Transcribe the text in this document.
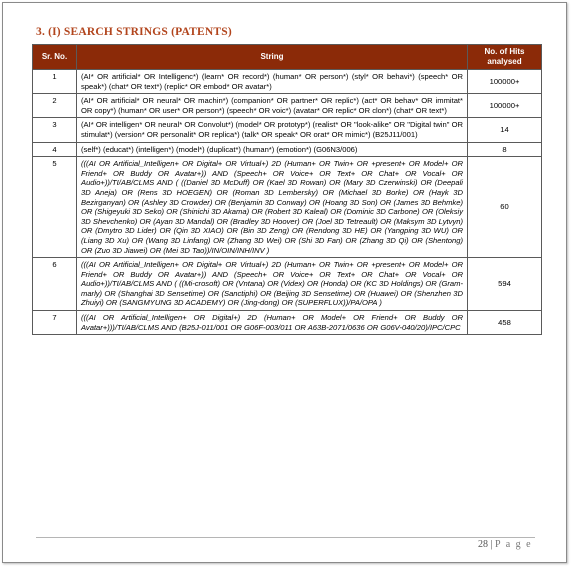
3. (I) SEARCH STRINGS (PATENTS)
Sr. No.	String	No. of Hits analysed
1	(AI* OR artificial* OR Intelligenc*) (learn* OR record*) (human* OR person*) (styl* OR behavi*) (speech* OR speak*) (chat* OR text*) (replic* OR embod* OR avatar*)	100000+
2	(AI* OR artificial* OR neural* OR machin*) (companion* OR partner* OR replic*) (act* OR behav* OR immitat* OR copy*) (human* OR user* OR person*) (speech* OR voic*) (avatar* OR replic* OR clon*) (chat* OR text*)	100000+
3	(AI* OR intelligen* OR neural* OR Convolut*) (model* OR prototyp*) (realist* OR "look-alike" OR "Digital twin" OR stimulat*) (version* OR personalit* OR replica*) (talk* OR speak* OR orat* OR mimic*) (B25J11/001)	14
4	(self*) (educat*) (intelligen*) (model*) (duplicat*) (human*) (emotion*) (G06N3/006)	8
5	(((AI OR Artificial_Intelligen+ OR Digital+ OR Virtual+) 2D (Human+ OR Twin+ OR +present+ OR Model+ OR Friend+ OR Buddy OR Avatar+)) AND (Speech+ OR Voice+ OR Text+ OR Chat+ OR Vocal+ OR Audio+))/TI/AB/CLMS AND ( ((Daniel 3D McDuff) OR (Kael 3D Rowan) OR (Mary 3D Czerwinski) OR (Deepali 3D Aneja) OR (Rens 3D HOEGEN) OR (Roman 3D Lembersky) OR (Michael 3D Borke) OR (Hayk 3D Bezirganyan) OR (Ashley 3D Crowder) OR (Benjamin 3D Conway) OR (Hoang 3D Son) OR (James 3D Behmke) OR (Shigeyuki 3D Seko) OR (Shinichi 3D Akama) OR (Robert 3D Kaleal) OR (Dominic 3D Carbone) OR (Oleksiy 3D Shevchenko) OR (Ayan 3D Mandal) OR (Bradley 3D Hoover) OR (Joel 3D Tetreault) OR (Maksym 3D Lytvyn) OR (Dmytro 3D Lider) OR (Qin 3D XIAO) OR (Bin 3D Zeng) OR (Rendong 3D HE) OR (Yangping 3D WU) OR (Liang 3D Xu) OR (Wang 3D Linfang) OR (Zhang 3D Wei) OR (Shi 3D Fan) OR (Zhang 3D Qi) OR (Shentong) OR (Zuo 3D Jiawei) OR (Mei 3D Tao))/IN/OIN/INH/INV )	60
6	(((AI OR Artificial_Intelligen+ OR Digital+ OR Virtual+) 2D (Human+ OR Twin+ OR +present+ OR Model+ OR Friend+ OR Buddy OR Avatar+)) AND (Speech+ OR Voice+ OR Text+ OR Chat+ OR Vocal+ OR Audio+))/TI/AB/CLMS AND ( ((Mi-crosoft) OR (Vntana) OR (Videx) OR (Honda) OR (KC 3D Holdings) OR (Gram-marly) OR (Shanghai 3D Sensetime) OR (Sanctiphi) OR (Beijing 3D Sensetime) OR (Huawei) OR (Shenzhen 3D Zhuiyi) OR (SANGMYUNG 3D ACADEMY) OR (Jing-dong) OR (SUPERFLUX))/PA/OPA )	594
7	(((AI OR Artificial_Intelligen+ OR Digital+) 2D (Human+ OR Model+ OR Friend+ OR Buddy OR Avatar+)))/TI/AB/CLMS AND (B25J-011/001 OR G06F-003/011 OR A63B-2071/0636 OR G06V-040/20)/IPC/CPC	458
28 | P a g e
